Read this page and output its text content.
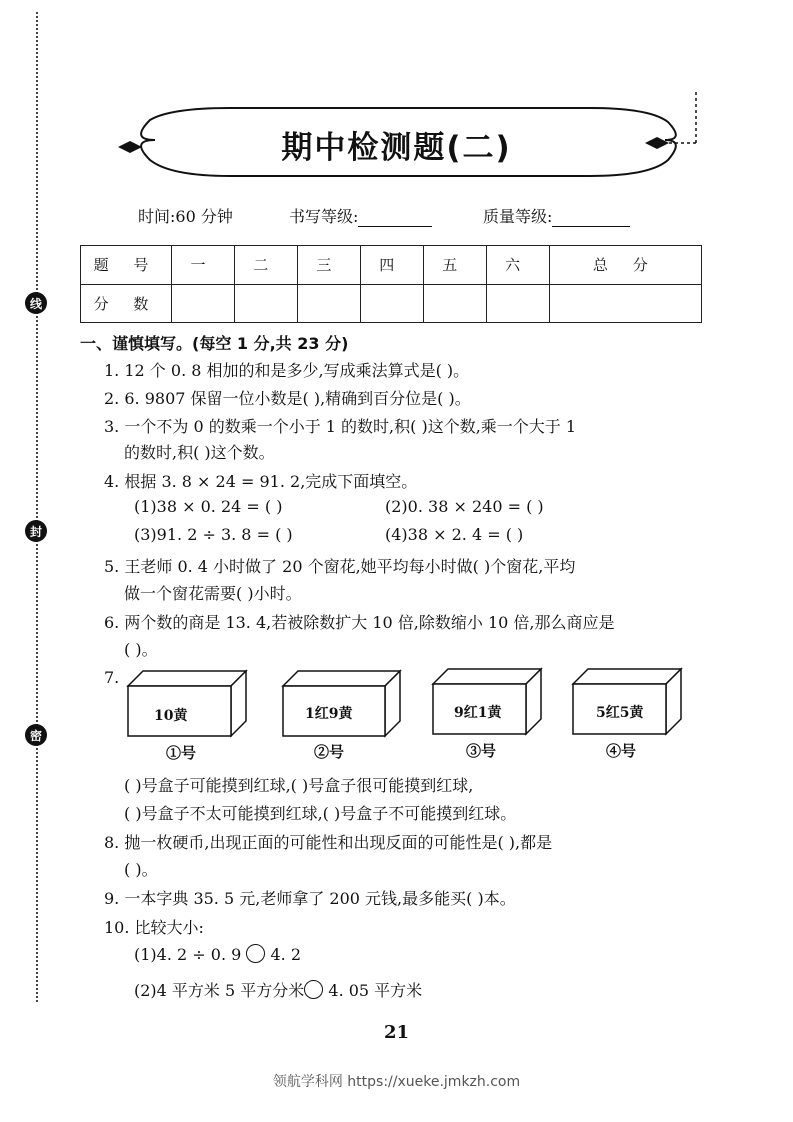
线
封
密
期中检测题(二)
时间:60 分钟	书写等级:	质量等级:
题 号	一	二	三	四	五	六	总 分
分 数							
一、谨慎填写。(每空 1 分,共 23 分)
1. 12 个 0. 8 相加的和是多少,写成乘法算式是( )。
2. 6. 9807 保留一位小数是( ),精确到百分位是( )。
3. 一个不为 0 的数乘一个小于 1 的数时,积( )这个数,乘一个大于 1
的数时,积( )这个数。
4. 根据 3. 8 × 24 = 91. 2,完成下面填空。
(1)38 × 0. 24 = ( )	(2)0. 38 × 240 = ( )
(3)91. 2 ÷ 3. 8 = ( )	(4)38 × 2. 4 = ( )
5. 王老师 0. 4 小时做了 20 个窗花,她平均每小时做( )个窗花,平均
做一个窗花需要( )小时。
6. 两个数的商是 13. 4,若被除数扩大 10 倍,除数缩小 10 倍,那么商应是
( )。
7.
10黄	1红9黄	9红1黄	5红5黄
①号	②号	③号	④号
( )号盒子可能摸到红球,( )号盒子很可能摸到红球,
( )号盒子不太可能摸到红球,( )号盒子不可能摸到红球。
8. 抛一枚硬币,出现正面的可能性和出现反面的可能性是( ),都是
( )。
9. 一本字典 35. 5 元,老师拿了 200 元钱,最多能买( )本。
10. 比较大小:
(1)4. 2 ÷ 0. 9  4. 2
(2)4 平方米 5 平方分米 4. 05 平方米
21
领航学科网 https://xueke.jmkzh.com
